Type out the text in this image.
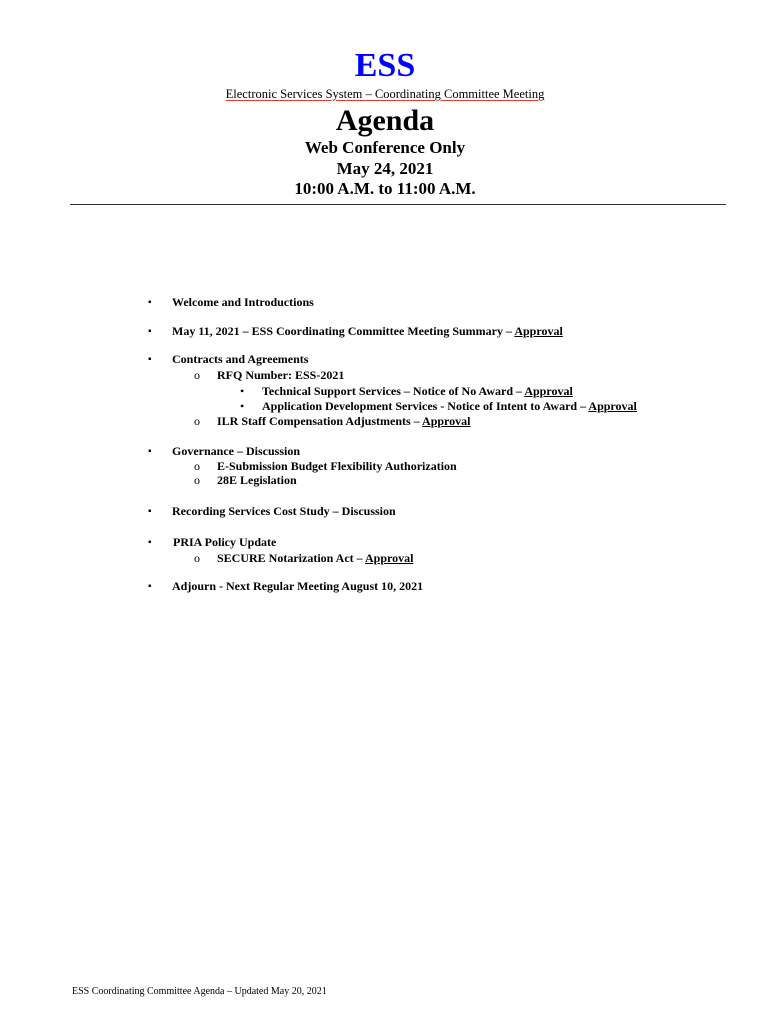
ESS
Electronic Services System – Coordinating Committee Meeting
Agenda
Web Conference Only
May 24, 2021
10:00 A.M. to 11:00 A.M.
▪ Welcome and Introductions
▪ May 11, 2021 – ESS Coordinating Committee Meeting Summary – Approval
▪ Contracts and Agreements
o RFQ Number: ESS-2021
• Technical Support Services – Notice of No Award – Approval
• Application Development Services - Notice of Intent to Award – Approval
o ILR Staff Compensation Adjustments – Approval
▪ Governance – Discussion
o E-Submission Budget Flexibility Authorization
o 28E Legislation
▪ Recording Services Cost Study – Discussion
▪ PRIA Policy Update
o SECURE Notarization Act – Approval
▪ Adjourn - Next Regular Meeting August 10, 2021
ESS Coordinating Committee Agenda – Updated May 20, 2021
